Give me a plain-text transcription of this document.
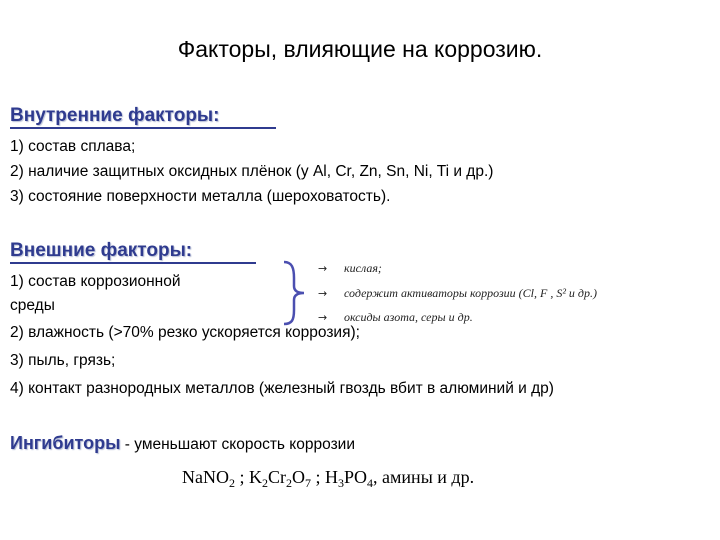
Факторы, влияющие на коррозию.
Внутренние факторы:
1) состав сплава;
2) наличие защитных оксидных плёнок (у Al, Cr, Zn, Sn, Ni, Ti и др.)
3) состояние поверхности металла (шероховатость).
Внешние факторы:
1) состав коррозионной
среды
→ кислая;
→ содержит активаторы коррозии (Cl, F , S² и др.)
→ оксиды азота, серы и др.
2) влажность (>70% резко ускоряется коррозия);
3) пыль, грязь;
4) контакт разнородных металлов (железный гвоздь вбит в алюминий и др)
Ингибиторы - уменьшают скорость коррозии
NaNO$_2$ ; $K_2Cr_2O_7$ ; $H_3PO_4$, амины и др.
